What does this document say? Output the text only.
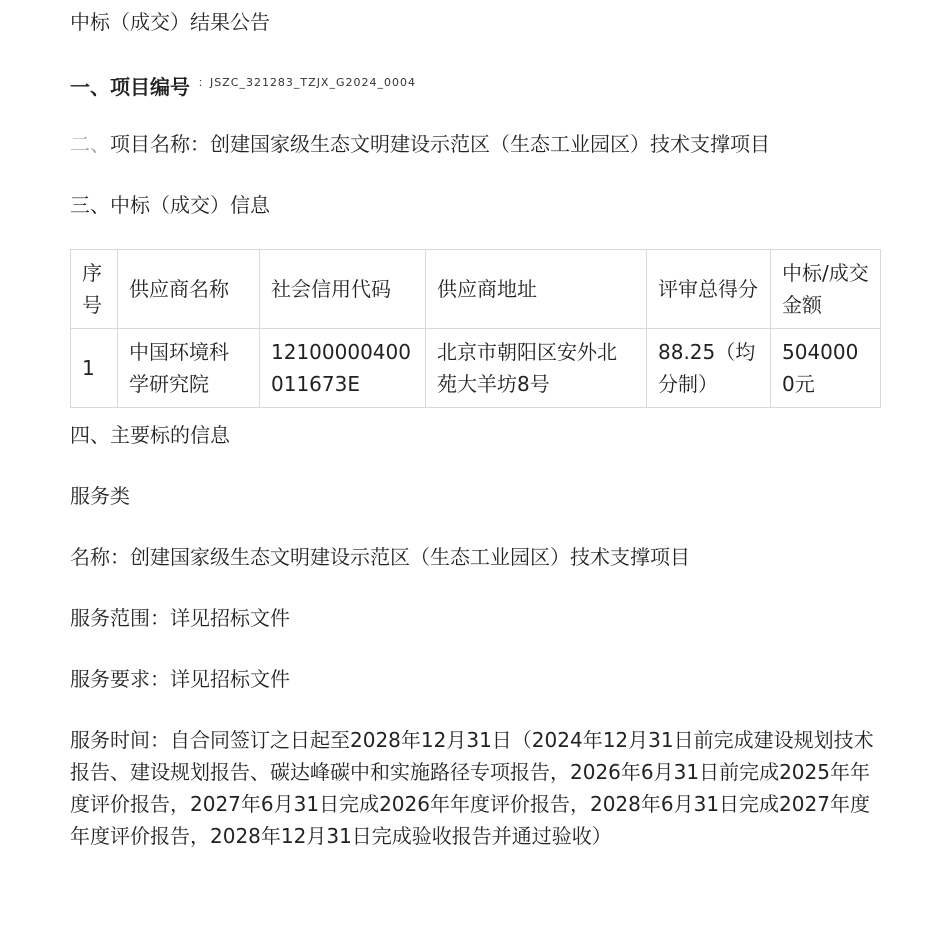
中标（成交）结果公告
一、项目编号 $^{:JSZC\_321283\_TZJX\_G2024\_0004}$
二、项目名称：创建国家级生态文明建设示范区（生态工业园区）技术支撑项目
三、中标（成交）信息
序号	供应商名称	社会信用代码	供应商地址	评审总得分	中标/成交金额
1	中国环境科学研究院	12100000400011673E	北京市朝阳区安外北苑大羊坊8号	88.25（均分制）	5040000元
四、主要标的信息
服务类
名称：创建国家级生态文明建设示范区（生态工业园区）技术支撑项目
服务范围：详见招标文件
服务要求：详见招标文件
服务时间：自合同签订之日起至2028年12月31日（2024年12月31日前完成建设规划技术报告、建设规划报告、碳达峰碳中和实施路径专项报告，2026年6月31日前完成2025年年度评价报告，2027年6月31日完成2026年年度评价报告，2028年6月31日完成2027年度年度评价报告，2028年12月31日完成验收报告并通过验收）
